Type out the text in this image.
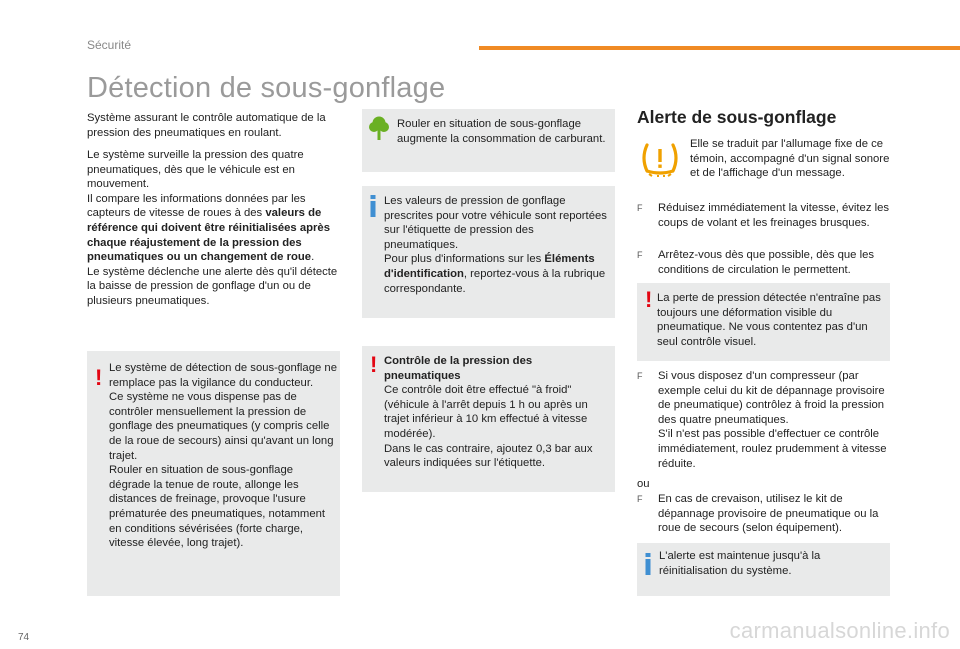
Sécurité
Détection de sous-gonflage
Système assurant le contrôle automatique de la pression des pneumatiques en roulant.
Le système surveille la pression des quatre pneumatiques, dès que le véhicule est en mouvement.
Il compare les informations données par les capteurs de vitesse de roues à des valeurs de référence qui doivent être réinitialisées après chaque réajustement de la pression des pneumatiques ou un changement de roue.
Le système déclenche une alerte dès qu'il détecte la baisse de pression de gonflage d'un ou de plusieurs pneumatiques.
! Le système de détection de sous-gonflage ne remplace pas la vigilance du conducteur.
Ce système ne vous dispense pas de contrôler mensuellement la pression de gonflage des pneumatiques (y compris celle de la roue de secours) ainsi qu'avant un long trajet.
Rouler en situation de sous-gonflage dégrade la tenue de route, allonge les distances de freinage, provoque l'usure prématurée des pneumatiques, notamment en conditions sévérisées (forte charge, vitesse élevée, long trajet).
Rouler en situation de sous-gonflage augmente la consommation de carburant.
Les valeurs de pression de gonflage prescrites pour votre véhicule sont reportées sur l'étiquette de pression des pneumatiques.
Pour plus d'informations sur les Éléments d'identification, reportez-vous à la rubrique correspondante.
! Contrôle de la pression des pneumatiques
Ce contrôle doit être effectué "à froid" (véhicule à l'arrêt depuis 1 h ou après un trajet inférieur à 10 km effectué à vitesse modérée).
Dans le cas contraire, ajoutez 0,3 bar aux valeurs indiquées sur l'étiquette.
Alerte de sous-gonflage
Elle se traduit par l'allumage fixe de ce témoin, accompagné d'un signal sonore et de l'affichage d'un message.
F Réduisez immédiatement la vitesse, évitez les coups de volant et les freinages brusques.
F Arrêtez-vous dès que possible, dès que les conditions de circulation le permettent.
! La perte de pression détectée n'entraîne pas toujours une déformation visible du pneumatique. Ne vous contentez pas d'un seul contrôle visuel.
F Si vous disposez d'un compresseur (par exemple celui du kit de dépannage provisoire de pneumatique) contrôlez à froid la pression des quatre pneumatiques.
S'il n'est pas possible d'effectuer ce contrôle immédiatement, roulez prudemment à vitesse réduite.
ou
F En cas de crevaison, utilisez le kit de dépannage provisoire de pneumatique ou la roue de secours (selon équipement).
L'alerte est maintenue jusqu'à la réinitialisation du système.
74	carmanualsonline.info
